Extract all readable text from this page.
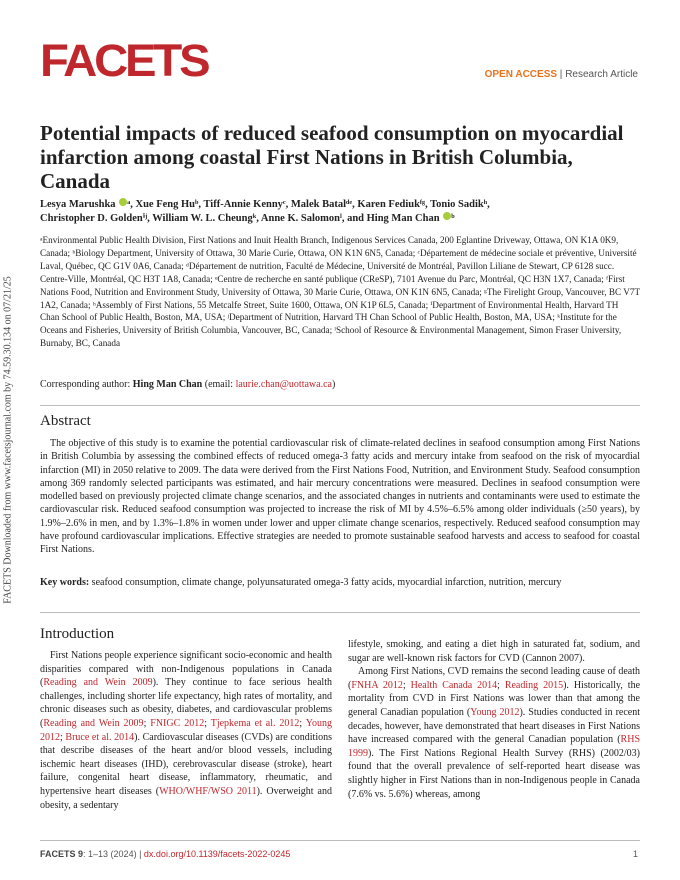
FACETS Downloaded from www.facetsjournal.com by 74.59.30.134 on 07/21/25
FACETS	OPEN ACCESS | Research Article
Potential impacts of reduced seafood consumption on myocardial infarction among coastal First Nations in British Columbia, Canada
Lesya Marushka ᵃ, Xue Feng Huᵇ, Tiff-Annie Kennyᶜ, Malek Batalᵈᵉ, Karen Fediukᶠᵍ, Tonio Sadikʰ,
Christopher D. Goldenⁱʲ, William W. L. Cheungᵏ, Anne K. Salomonˡ, and Hing Man Chan ᵇ
ᵃEnvironmental Public Health Division, First Nations and Inuit Health Branch, Indigenous Services Canada, 200 Eglantine Driveway, Ottawa, ON K1A 0K9, Canada; ᵇBiology Department, University of Ottawa, 30 Marie Curie, Ottawa, ON K1N 6N5, Canada; ᶜDépartement de médecine sociale et préventive, Université Laval, Québec, QC G1V 0A6, Canada; ᵈDépartement de nutrition, Faculté de Médecine, Université de Montréal, Pavillon Liliane de Stewart, CP 6128 succ. Centre-Ville, Montréal, QC H3T 1A8, Canada; ᵉCentre de recherche en santé publique (CReSP), 7101 Avenue du Parc, Montréal, QC H3N 1X7, Canada; ᶠFirst Nations Food, Nutrition and Environment Study, University of Ottawa, 30 Marie Curie, Ottawa, ON K1N 6N5, Canada; ᵍThe Firelight Group, Vancouver, BC V7T 1A2, Canada; ʰAssembly of First Nations, 55 Metcalfe Street, Suite 1600, Ottawa, ON K1P 6L5, Canada; ⁱDepartment of Environmental Health, Harvard TH Chan School of Public Health, Boston, MA, USA; ʲDepartment of Nutrition, Harvard TH Chan School of Public Health, Boston, MA, USA; ᵏInstitute for the Oceans and Fisheries, University of British Columbia, Vancouver, BC, Canada; ˡSchool of Resource & Environmental Management, Simon Fraser University, Burnaby, BC, Canada
Corresponding author: Hing Man Chan (email: laurie.chan@uottawa.ca)
Abstract
The objective of this study is to examine the potential cardiovascular risk of climate-related declines in seafood consumption among First Nations in British Columbia by assessing the combined effects of reduced omega-3 fatty acids and mercury intake from seafood on the risk of myocardial infarction (MI) in 2050 relative to 2009. The data were derived from the First Nations Food, Nutrition, and Environment Study. Seafood consumption among 369 randomly selected participants was estimated, and hair mercury concentrations were measured. Declines in seafood consumption were modelled based on previously projected climate change scenarios, and the associated changes in nutrients and contaminants were used to estimate the cardiovascular risk. Reduced seafood consumption was projected to increase the risk of MI by 4.5%–6.5% among older individuals (≥50 years), by 1.9%–2.6% in men, and by 1.3%–1.8% in women under lower and upper climate change scenarios, respectively. Reduced seafood consumption may have profound cardiovascular implications. Effective strategies are needed to promote sustainable seafood harvests and access to seafood for coastal First Nations.
Key words: seafood consumption, climate change, polyunsaturated omega-3 fatty acids, myocardial infarction, nutrition, mercury
Introduction
First Nations people experience significant socio-economic and health disparities compared with non-Indigenous populations in Canada (Reading and Wein 2009). They continue to face serious health challenges, including shorter life expectancy, high rates of mortality, and chronic diseases such as obesity, diabetes, and cardiovascular problems (Reading and Wein 2009; FNIGC 2012; Tjepkema et al. 2012; Young 2012; Bruce et al. 2014). Cardiovascular diseases (CVDs) are conditions that describe diseases of the heart and/or blood vessels, including ischemic heart diseases (IHD), cerebrovascular disease (stroke), heart failure, congenital heart disease, inflammatory, rheumatic, and hypertensive heart diseases (WHO/WHF/WSO 2011). Overweight and obesity, a sedentary

lifestyle, smoking, and eating a diet high in saturated fat, sodium, and sugar are well-known risk factors for CVD (Cannon 2007).

Among First Nations, CVD remains the second leading cause of death (FNHA 2012; Health Canada 2014; Reading 2015). Historically, the mortality from CVD in First Nations was lower than that among the general Canadian population (Young 2012). Studies conducted in recent decades, however, have demonstrated that heart diseases in First Nations have increased compared with the general Canadian population (RHS 1999). The First Nations Regional Health Survey (RHS) (2002/03) found that the overall prevalence of self-reported heart disease was slightly higher in First Nations than in non-Indigenous people in Canada (7.6% vs. 5.6%) whereas, among

FACETS 9: 1–13 (2024) | dx.doi.org/10.1139/facets-2022-0245	1
